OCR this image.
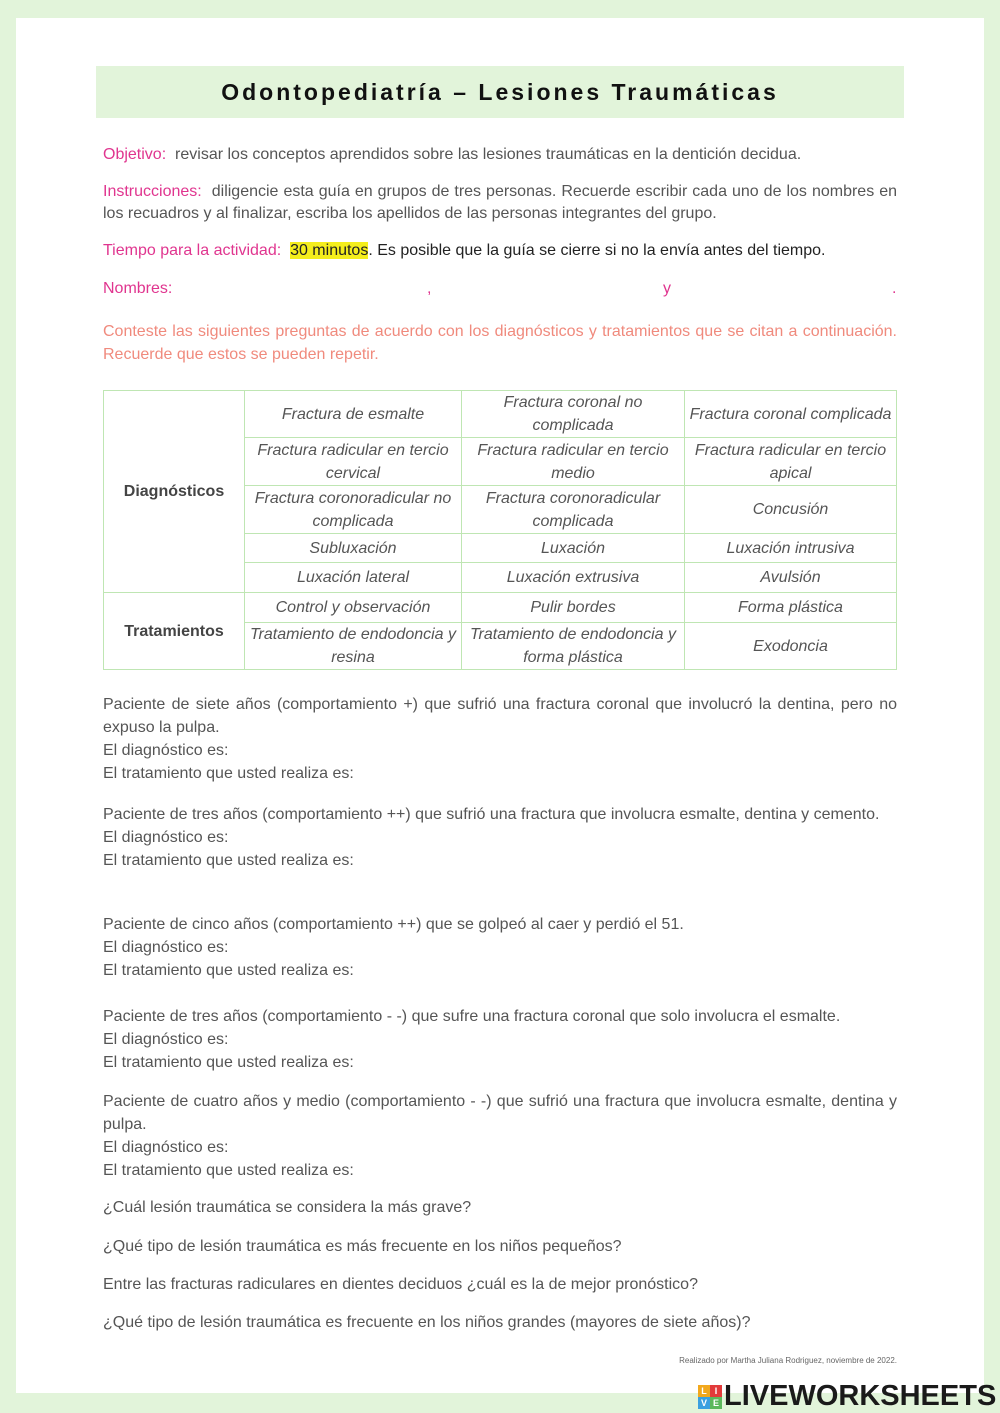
Odontopediatría – Lesiones Traumáticas
Objetivo: revisar los conceptos aprendidos sobre las lesiones traumáticas en la dentición decidua.
Instrucciones: diligencie esta guía en grupos de tres personas. Recuerde escribir cada uno de los nombres en los recuadros y al finalizar, escriba los apellidos de las personas integrantes del grupo.
Tiempo para la actividad: 30 minutos. Es posible que la guía se cierre si no la envía antes del tiempo.
Nombres:	,	y	.
Conteste las siguientes preguntas de acuerdo con los diagnósticos y tratamientos que se citan a continuación. Recuerde que estos se pueden repetir.
Diagnósticos	Fractura de esmalte	Fractura coronal no complicada	Fractura coronal complicada
	Fractura radicular en tercio cervical	Fractura radicular en tercio medio	Fractura radicular en tercio apical
	Fractura coronoradicular no complicada	Fractura coronoradicular complicada	Concusión
	Subluxación	Luxación	Luxación intrusiva
	Luxación lateral	Luxación extrusiva	Avulsión
Tratamientos	Control y observación	Pulir bordes	Forma plástica
	Tratamiento de endodoncia y resina	Tratamiento de endodoncia y forma plástica	Exodoncia

Paciente de siete años (comportamiento +) que sufrió una fractura coronal que involucró la dentina, pero no expuso la pulpa.

El diagnóstico es:
El tratamiento que usted realiza es:

Paciente de tres años (comportamiento ++) que sufrió una fractura que involucra esmalte, dentina y cemento.

El diagnóstico es:
El tratamiento que usted realiza es:

Paciente de cinco años (comportamiento ++) que se golpeó al caer y perdió el 51.

El diagnóstico es:
El tratamiento que usted realiza es:

Paciente de tres años (comportamiento - -) que sufre una fractura coronal que solo involucra el esmalte.

El diagnóstico es:
El tratamiento que usted realiza es:

Paciente de cuatro años y medio (comportamiento - -) que sufrió una fractura que involucra esmalte, dentina y pulpa.

El diagnóstico es:
El tratamiento que usted realiza es:
¿Cuál lesión traumática se considera la más grave?
¿Qué tipo de lesión traumática es más frecuente en los niños pequeños?
Entre las fracturas radiculares en dientes deciduos ¿cuál es la de mejor pronóstico?
¿Qué tipo de lesión traumática es frecuente en los niños grandes (mayores de siete años)?
Realizado por Martha Juliana Rodriguez, noviembre de 2022.
L I
V E LIVEWORKSHEETS
